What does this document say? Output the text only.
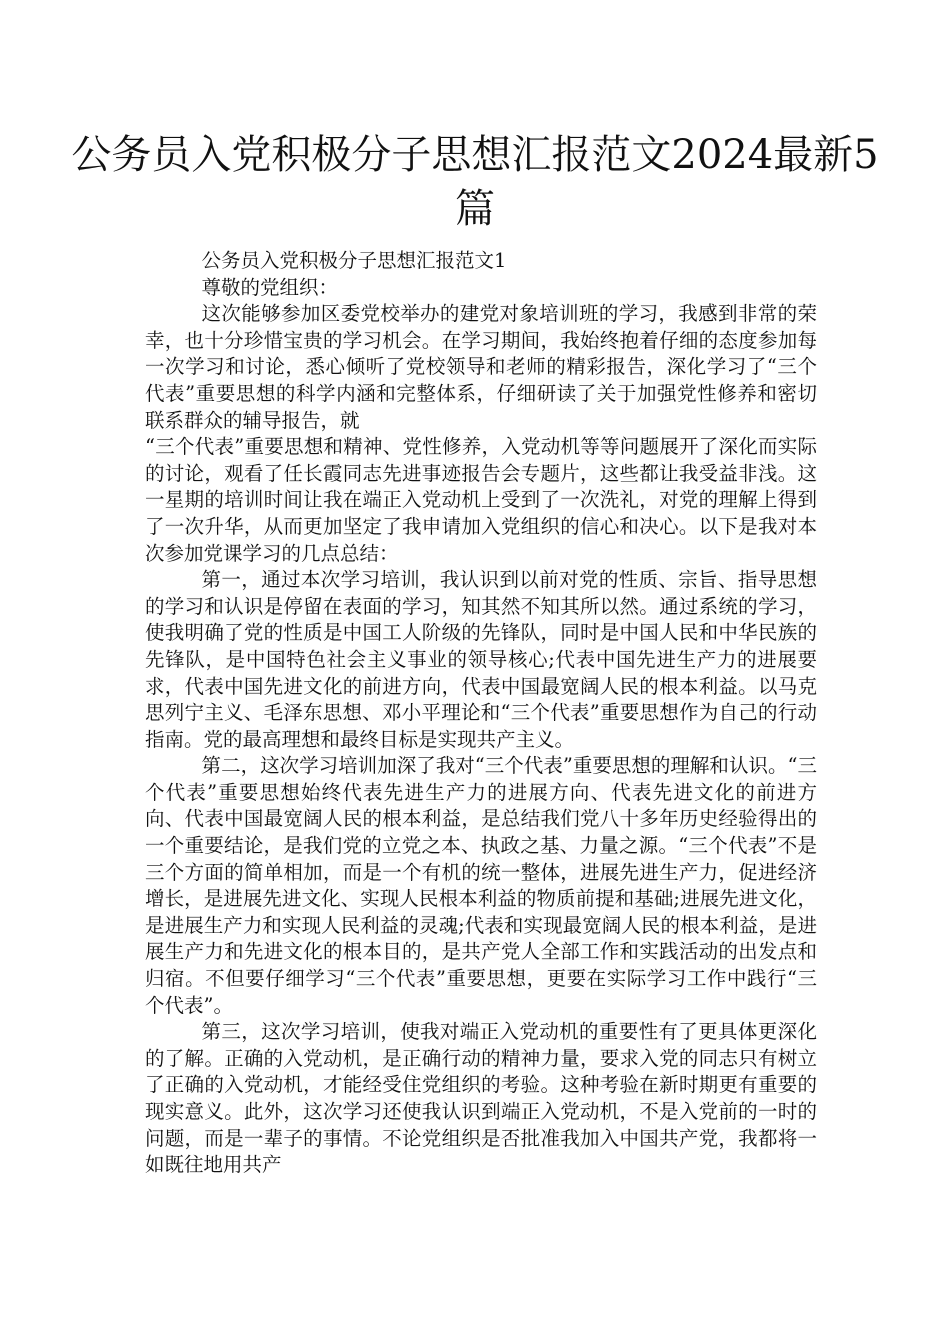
公务员入党积极分子思想汇报范文2024最新5篇

公务员入党积极分子思想汇报范文1

尊敬的党组织：

这次能够参加区委党校举办的建党对象培训班的学习，我感到非常的荣幸，也十分珍惜宝贵的学习机会。在学习期间，我始终抱着仔细的态度参加每一次学习和讨论，悉心倾听了党校领导和老师的精彩报告，深化学习了“三个代表”重要思想的科学内涵和完整体系，仔细研读了关于加强党性修养和密切联系群众的辅导报告，就

“三个代表”重要思想和精神、党性修养，入党动机等等问题展开了深化而实际的讨论，观看了任长霞同志先进事迹报告会专题片，这些都让我受益非浅。这一星期的培训时间让我在端正入党动机上受到了一次洗礼，对党的理解上得到了一次升华，从而更加坚定了我申请加入党组织的信心和决心。以下是我对本次参加党课学习的几点总结：

第一，通过本次学习培训，我认识到以前对党的性质、宗旨、指导思想的学习和认识是停留在表面的学习，知其然不知其所以然。通过系统的学习，使我明确了党的性质是中国工人阶级的先锋队，同时是中国人民和中华民族的先锋队，是中国特色社会主义事业的领导核心;代表中国先进生产力的进展要求，代表中国先进文化的前进方向，代表中国最宽阔人民的根本利益。以马克思列宁主义、毛泽东思想、邓小平理论和“三个代表”重要思想作为自己的行动指南。党的最高理想和最终目标是实现共产主义。

第二，这次学习培训加深了我对“三个代表”重要思想的理解和认识。“三个代表”重要思想始终代表先进生产力的进展方向、代表先进文化的前进方向、代表中国最宽阔人民的根本利益，是总结我们党八十多年历史经验得出的一个重要结论，是我们党的立党之本、执政之基、力量之源。“三个代表”不是三个方面的简单相加，而是一个有机的统一整体，进展先进生产力，促进经济增长，是进展先进文化、实现人民根本利益的物质前提和基础;进展先进文化，是进展生产力和实现人民利益的灵魂;代表和实现最宽阔人民的根本利益，是进展生产力和先进文化的根本目的，是共产党人全部工作和实践活动的出发点和归宿。不但要仔细学习“三个代表”重要思想，更要在实际学习工作中践行“三个代表”。

第三，这次学习培训，使我对端正入党动机的重要性有了更具体更深化的了解。正确的入党动机，是正确行动的精神力量，要求入党的同志只有树立了正确的入党动机，才能经受住党组织的考验。这种考验在新时期更有重要的现实意义。此外，这次学习还使我认识到端正入党动机，不是入党前的一时的问题，而是一辈子的事情。不论党组织是否批准我加入中国共产党，我都将一如既往地用共产
